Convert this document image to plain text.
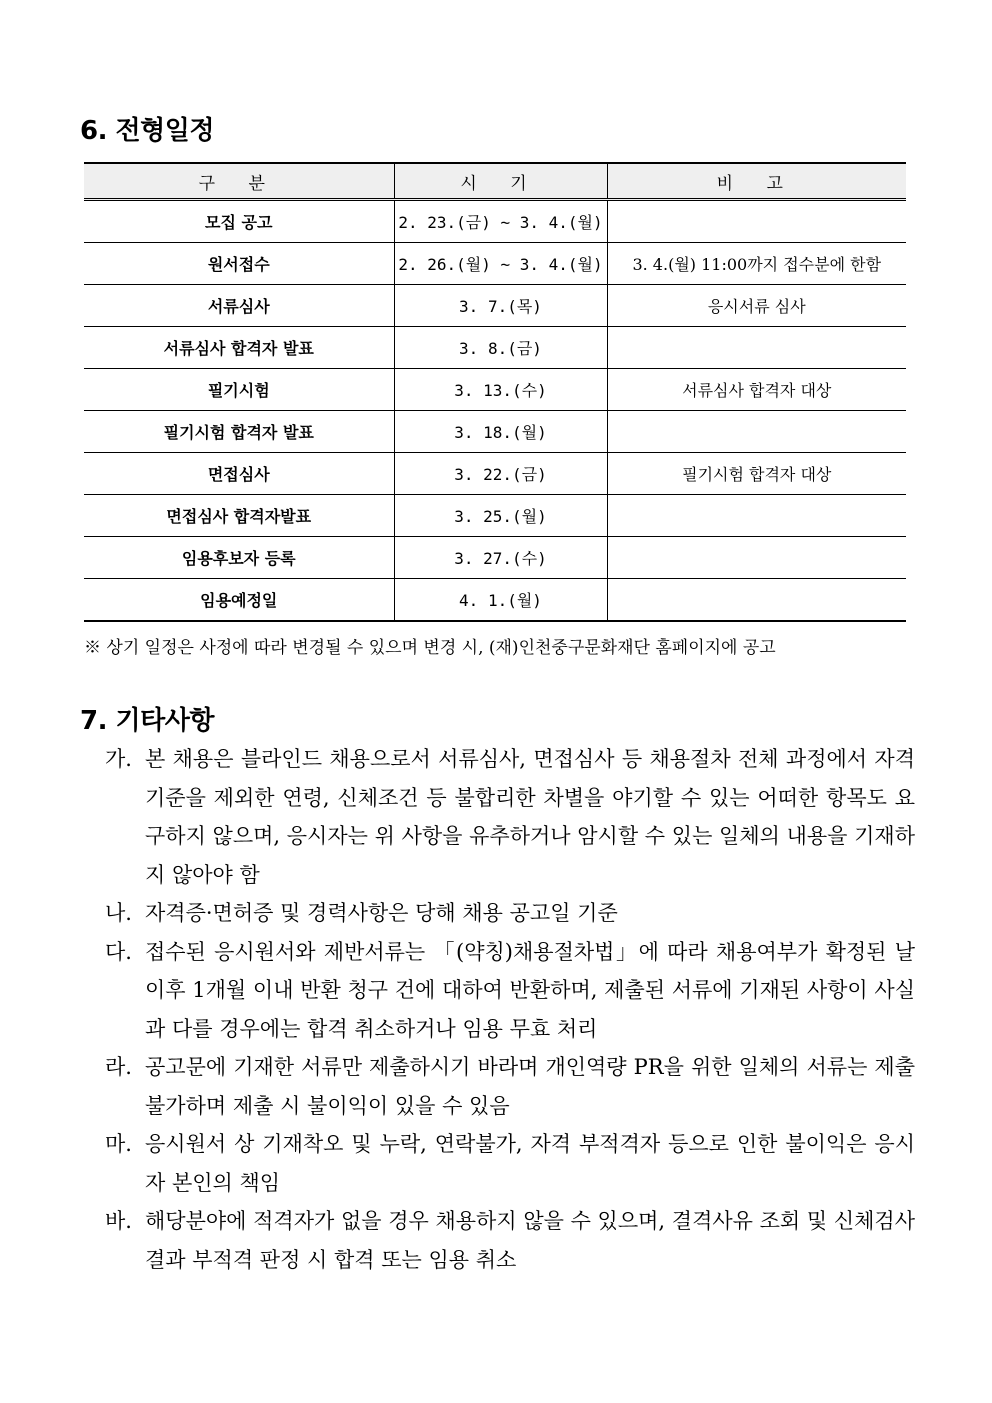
6. 전형일정
구 분	시 기	비 고
모집 공고	2. 23.(금) ~ 3. 4.(월)	
원서접수	2. 26.(월) ~ 3. 4.(월)	3. 4.(월) 11:00까지 접수분에 한함
서류심사	3. 7.(목)	응시서류 심사
서류심사 합격자 발표	3. 8.(금)	
필기시험	3. 13.(수)	서류심사 합격자 대상
필기시험 합격자 발표	3. 18.(월)	
면접심사	3. 22.(금)	필기시험 합격자 대상
면접심사 합격자발표	3. 25.(월)	
임용후보자 등록	3. 27.(수)	
임용예정일	4. 1.(월)	
※ 상기 일정은 사정에 따라 변경될 수 있으며 변경 시, (재)인천중구문화재단 홈페이지에 공고
7. 기타사항
가. 본 채용은 블라인드 채용으로서 서류심사, 면접심사 등 채용절차 전체 과정에서 자격기준을 제외한 연령, 신체조건 등 불합리한 차별을 야기할 수 있는 어떠한 항목도 요구하지 않으며, 응시자는 위 사항을 유추하거나 암시할 수 있는 일체의 내용을 기재하지 않아야 함
나. 자격증·면허증 및 경력사항은 당해 채용 공고일 기준
다. 접수된 응시원서와 제반서류는 「(약칭)채용절차법」에 따라 채용여부가 확정된 날 이후 1개월 이내 반환 청구 건에 대하여 반환하며, 제출된 서류에 기재된 사항이 사실과 다를 경우에는 합격 취소하거나 임용 무효 처리
라. 공고문에 기재한 서류만 제출하시기 바라며 개인역량 PR을 위한 일체의 서류는 제출 불가하며 제출 시 불이익이 있을 수 있음
마. 응시원서 상 기재착오 및 누락, 연락불가, 자격 부적격자 등으로 인한 불이익은 응시자 본인의 책임
바. 해당분야에 적격자가 없을 경우 채용하지 않을 수 있으며, 결격사유 조회 및 신체검사결과 부적격 판정 시 합격 또는 임용 취소
